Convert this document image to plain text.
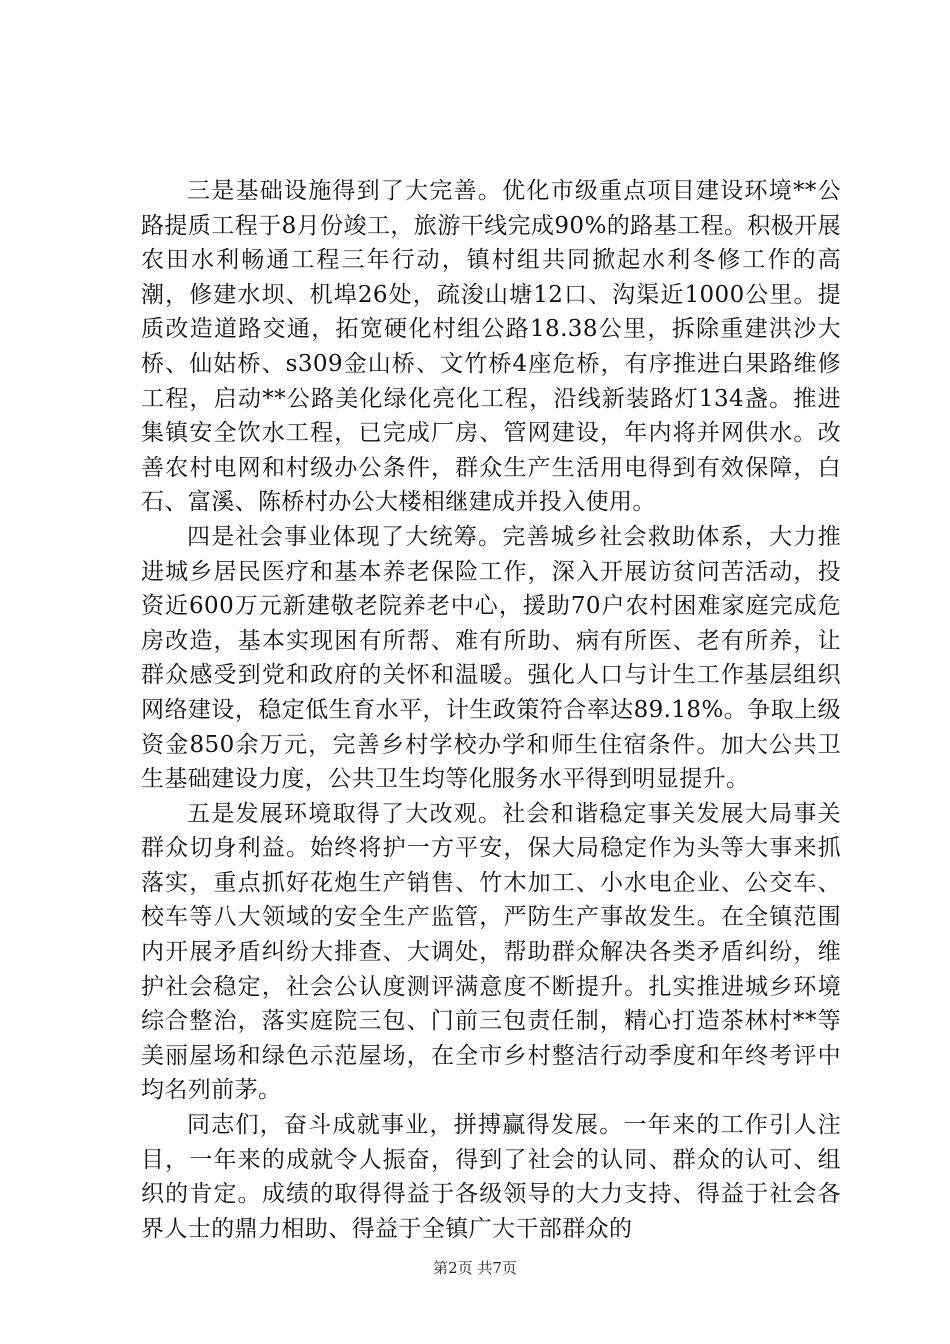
三是基础设施得到了大完善。优化市级重点项目建设环境**公路提质工程于8月份竣工，旅游干线完成90%的路基工程。积极开展农田水利畅通工程三年行动，镇村组共同掀起水利冬修工作的高潮，修建水坝、机埠26处，疏浚山塘12口、沟渠近1000公里。提质改造道路交通，拓宽硬化村组公路18.38公里，拆除重建洪沙大桥、仙姑桥、s309金山桥、文竹桥4座危桥，有序推进白果路维修工程，启动**公路美化绿化亮化工程，沿线新装路灯134盏。推进集镇安全饮水工程，已完成厂房、管网建设，年内将并网供水。改善农村电网和村级办公条件，群众生产生活用电得到有效保障，白石、富溪、陈桥村办公大楼相继建成并投入使用。

四是社会事业体现了大统筹。完善城乡社会救助体系，大力推进城乡居民医疗和基本养老保险工作，深入开展访贫问苦活动，投资近600万元新建敬老院养老中心，援助70户农村困难家庭完成危房改造，基本实现困有所帮、难有所助、病有所医、老有所养，让群众感受到党和政府的关怀和温暖。强化人口与计生工作基层组织网络建设，稳定低生育水平，计生政策符合率达89.18%。争取上级资金850余万元，完善乡村学校办学和师生住宿条件。加大公共卫生基础建设力度，公共卫生均等化服务水平得到明显提升。

五是发展环境取得了大改观。社会和谐稳定事关发展大局事关群众切身利益。始终将护一方平安，保大局稳定作为头等大事来抓落实，重点抓好花炮生产销售、竹木加工、小水电企业、公交车、校车等八大领域的安全生产监管，严防生产事故发生。在全镇范围内开展矛盾纠纷大排查、大调处，帮助群众解决各类矛盾纠纷，维护社会稳定，社会公认度测评满意度不断提升。扎实推进城乡环境综合整治，落实庭院三包、门前三包责任制，精心打造茶林村**等美丽屋场和绿色示范屋场，在全市乡村整洁行动季度和年终考评中均名列前茅。

同志们，奋斗成就事业，拼搏赢得发展。一年来的工作引人注目，一年来的成就令人振奋，得到了社会的认同、群众的认可、组织的肯定。成绩的取得得益于各级领导的大力支持、得益于社会各界人士的鼎力相助、得益于全镇广大干部群众的

第2页 共7页
